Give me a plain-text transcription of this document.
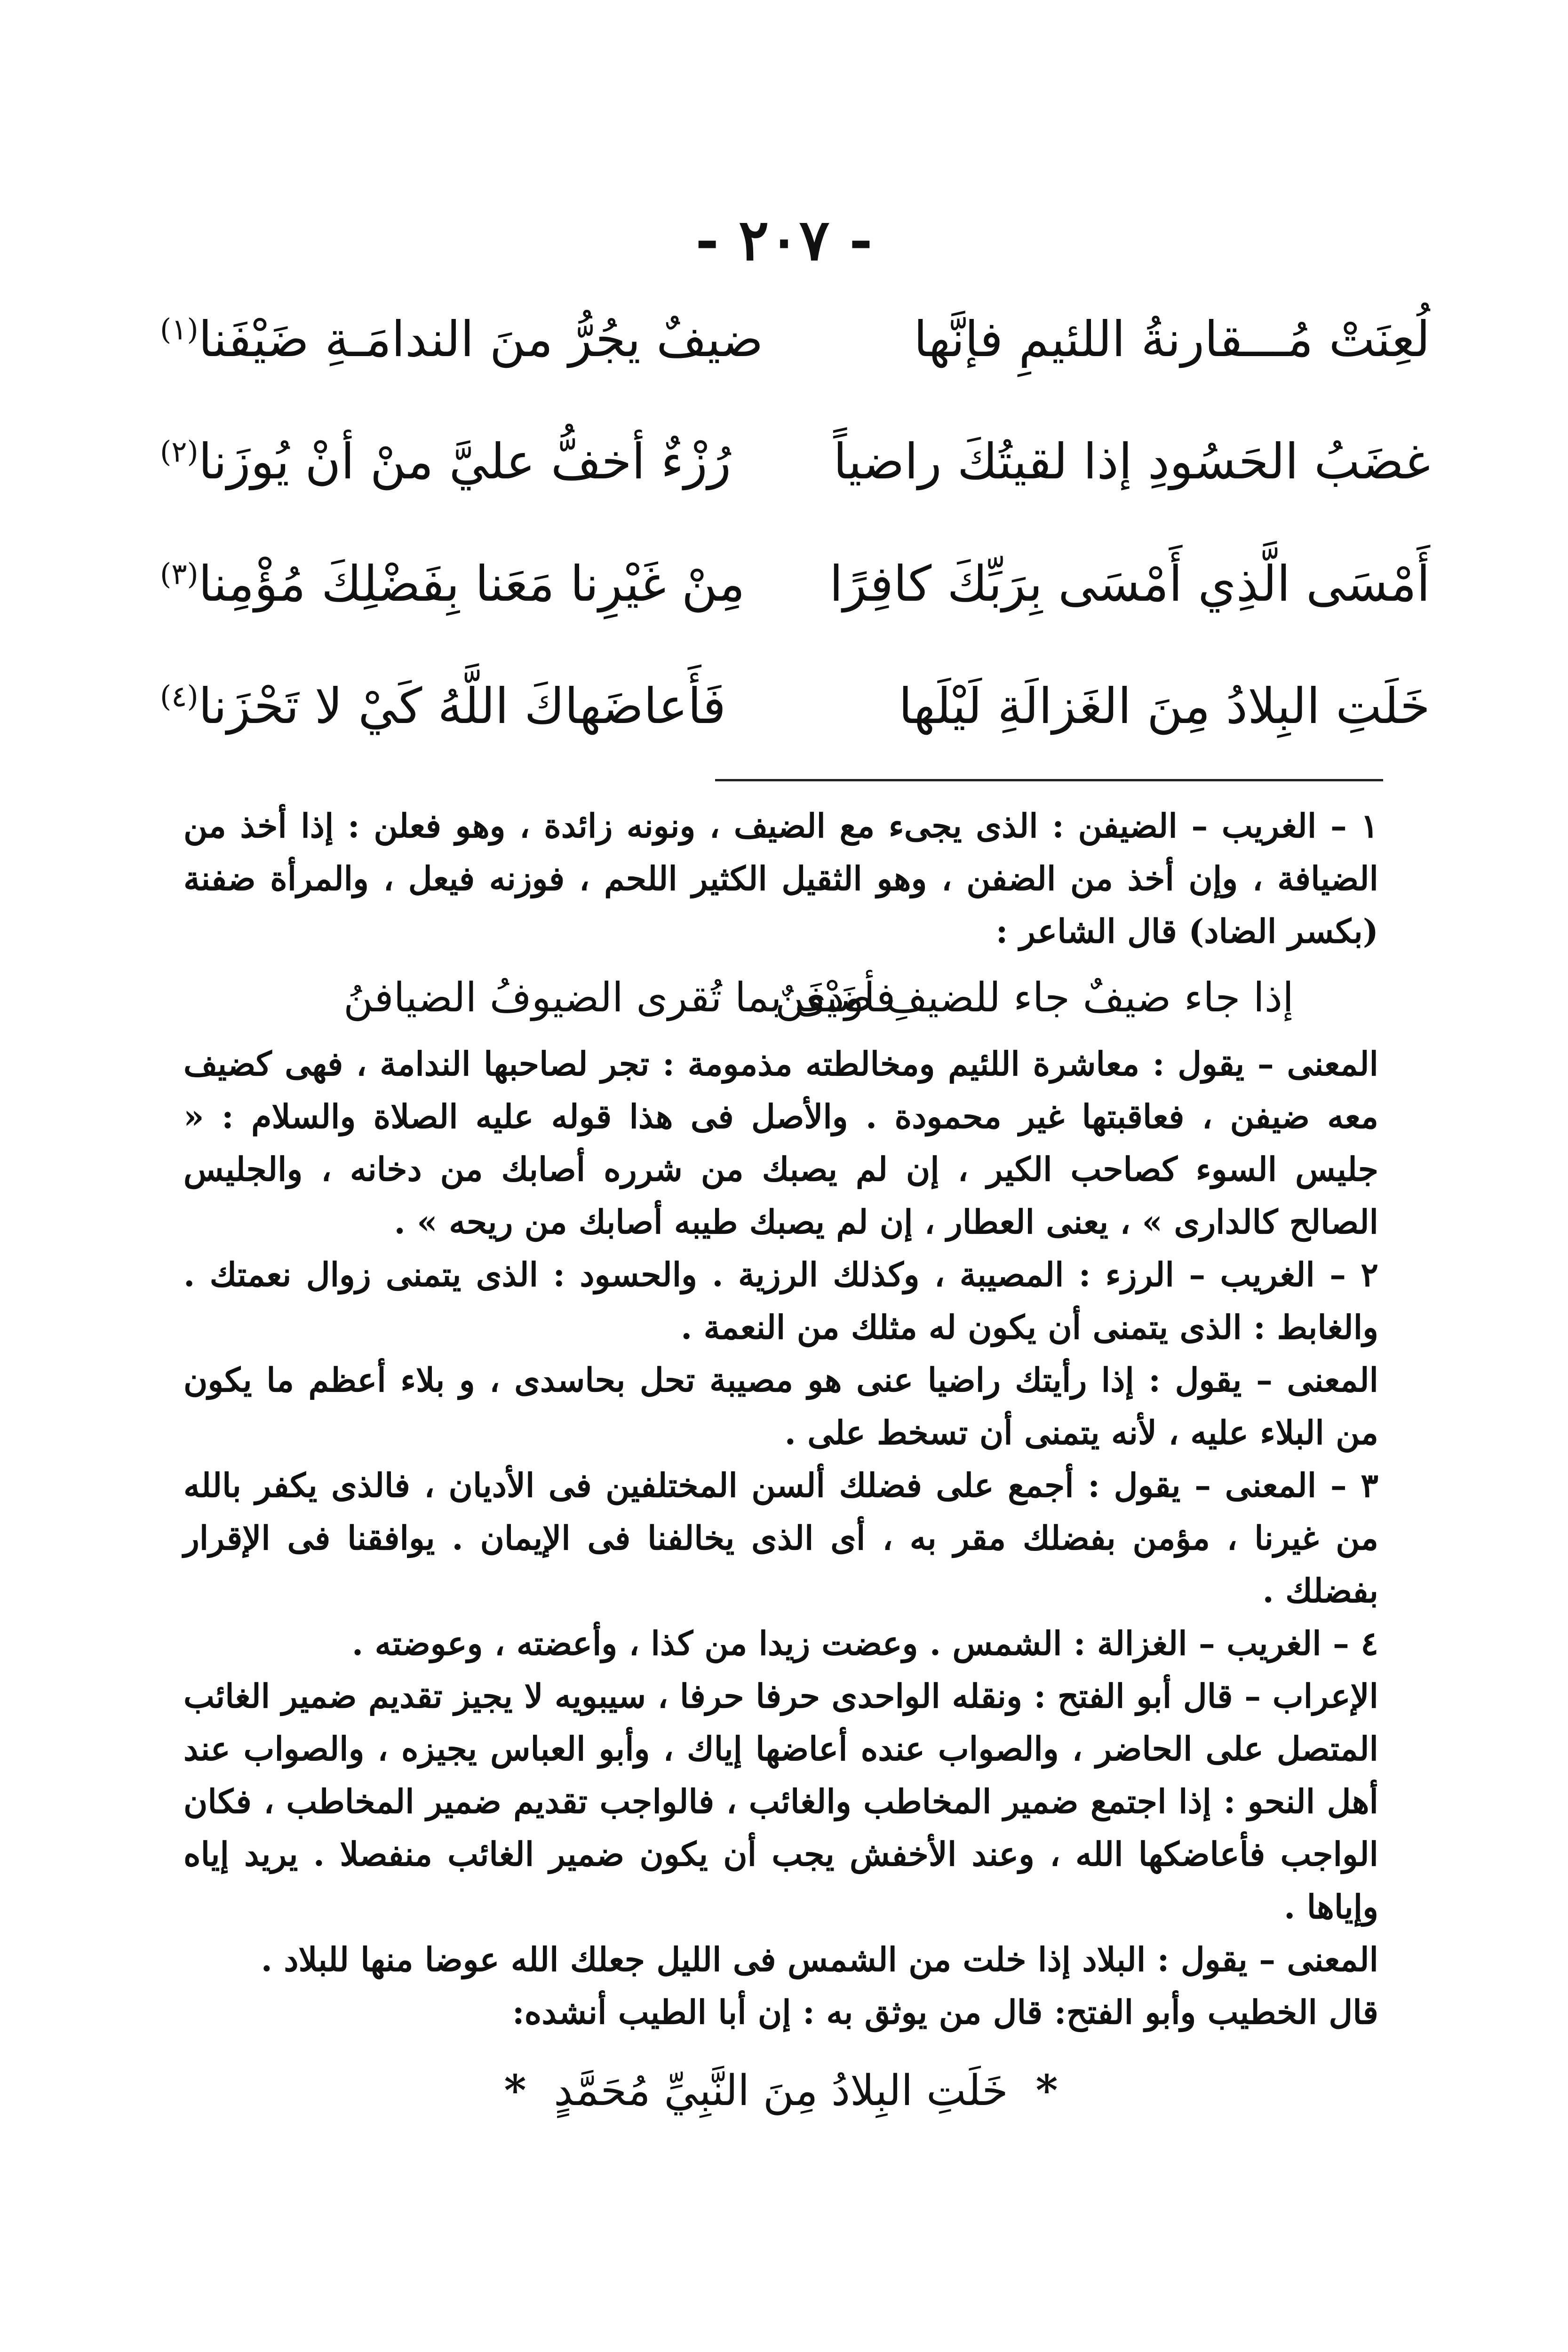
- ٢٠٧ -
لُعِنَتْ مُـــقارنةُ اللئيمِ فإنَّها
ضيفٌ يجُرُّ منَ الندامَـةِ ضَيْفَنا$^{(١)}$
غضَبُ الحَسُودِ إذا لقيتُكَ راضياً
رُزْءٌ أخفُّ عليَّ منْ أنْ يُوزَنا$^{(٢)}$
أَمْسَى الَّذِي أَمْسَى بِرَبِّكَ كافِرًا
مِنْ غَيْرِنا مَعَنا بِفَضْلِكَ مُؤْمِنا$^{(٣)}$
خَلَتِ البِلادُ مِنَ الغَزالَةِ لَيْلَها
فَأَعاضَهاكَ اللَّهُ كَيْ لا تَحْزَنا$^{(٤)}$

١ – الغريب – الضيفن : الذى يجىء مع الضيف ، ونونه زائدة ، وهو فعلن : إذا أخذ من الضيافة ، وإن أخذ من الضفن ، وهو الثقيل الكثير اللحم ، فوزنه فيعل ، والمرأة ضفنة (بكسر الضاد) قال الشاعر :

إذا جاء ضيفٌ جاء للضيفِ ضَيْفَنٌ
فأودى بما تُقرى الضيوفُ الضيافنُ

المعنى – يقول : معاشرة اللئيم ومخالطته مذمومة : تجر لصاحبها الندامة ، فهى كضيف معه ضيفن ، فعاقبتها غير محمودة . والأصل فى هذا قوله عليه الصلاة والسلام : « جليس السوء كصاحب الكير ، إن لم يصبك من شرره أصابك من دخانه ، والجليس الصالح كالدارى » ، يعنى العطار ، إن لم يصبك طيبه أصابك من ريحه » .

٢ – الغريب – الرزء : المصيبة ، وكذلك الرزية . والحسود : الذى يتمنى زوال نعمتك . والغابط : الذى يتمنى أن يكون له مثلك من النعمة .

المعنى – يقول : إذا رأيتك راضيا عنى هو مصيبة تحل بحاسدى ، و بلاء أعظم ما يكون من البلاء عليه ، لأنه يتمنى أن تسخط على .

٣ – المعنى – يقول : أجمع على فضلك ألسن المختلفين فى الأديان ، فالذى يكفر بالله من غيرنا ، مؤمن بفضلك مقر به ، أى الذى يخالفنا فى الإيمان . يوافقنا فى الإقرار بفضلك .

٤ – الغريب – الغزالة : الشمس . وعضت زيدا من كذا ، وأعضته ، وعوضته .

الإعراب – قال أبو الفتح : ونقله الواحدى حرفا حرفا ، سيبويه لا يجيز تقديم ضمير الغائب المتصل على الحاضر ، والصواب عنده أعاضها إياك ، وأبو العباس يجيزه ، والصواب عند أهل النحو : إذا اجتمع ضمير المخاطب والغائب ، فالواجب تقديم ضمير المخاطب ، فكان الواجب فأعاضكها الله ، وعند الأخفش يجب أن يكون ضمير الغائب منفصلا . يريد إياه وإياها .

المعنى – يقول : البلاد إذا خلت من الشمس فى الليل جعلك الله عوضا منها للبلاد .

قال الخطيب وأبو الفتح: قال من يوثق به : إن أبا الطيب أنشده:

* خَلَتِ البِلادُ مِنَ النَّبِيِّ مُحَمَّدٍ *
